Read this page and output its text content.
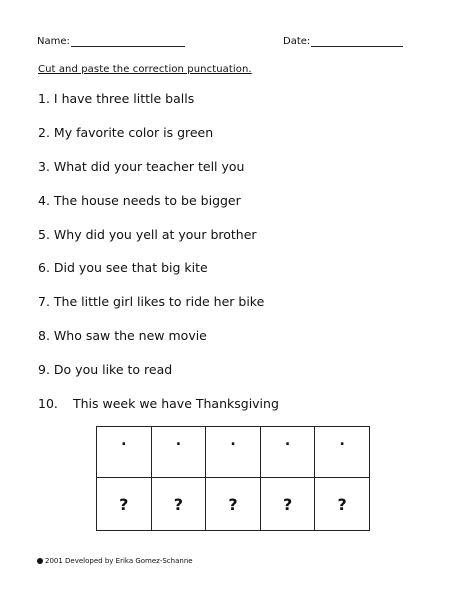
Name:	Date:
Cut and paste the correction punctuation.
1. I have three little balls
2. My favorite color is green
3. What did your teacher tell you
4. The house needs to be bigger
5. Why did you yell at your brother
6. Did you see that big kite
7. The little girl likes to ride her bike
8. Who saw the new movie
9. Do you like to read
10. This week we have Thanksgiving
.	.	.	.	.
?	?	?	?	?
2001 Developed by Erika Gomez-Schanne
